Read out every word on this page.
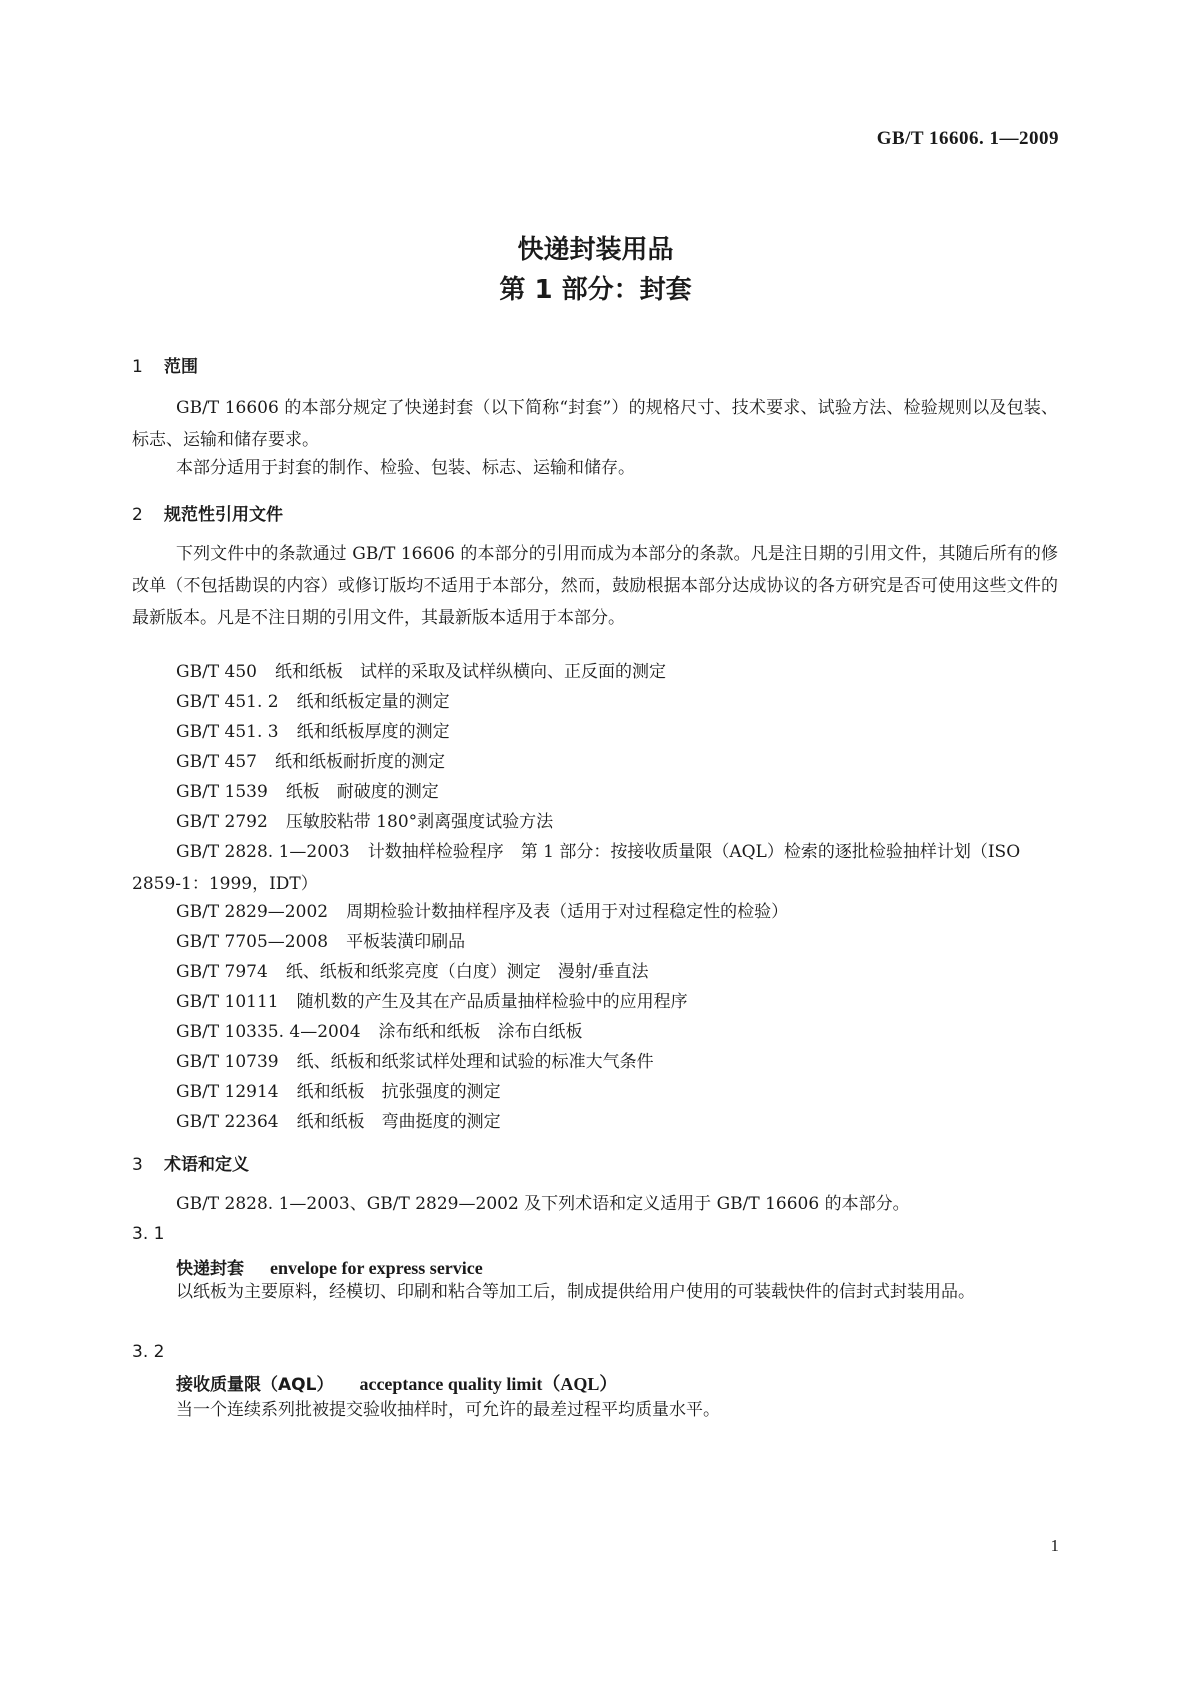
GB/T 16606. 1—2009
快递封装用品
第 1 部分：封套
1 范围
GB/T 16606 的本部分规定了快递封套（以下简称“封套”）的规格尺寸、技术要求、试验方法、检验规则以及包装、标志、运输和储存要求。
本部分适用于封套的制作、检验、包装、标志、运输和储存。
2 规范性引用文件
下列文件中的条款通过 GB/T 16606 的本部分的引用而成为本部分的条款。凡是注日期的引用文件，其随后所有的修改单（不包括勘误的内容）或修订版均不适用于本部分，然而，鼓励根据本部分达成协议的各方研究是否可使用这些文件的最新版本。凡是不注日期的引用文件，其最新版本适用于本部分。
GB/T 450 纸和纸板　试样的采取及试样纵横向、正反面的测定
GB/T 451. 2 纸和纸板定量的测定
GB/T 451. 3 纸和纸板厚度的测定
GB/T 457 纸和纸板耐折度的测定
GB/T 1539 纸板　耐破度的测定
GB/T 2792 压敏胶粘带 180°剥离强度试验方法
GB/T 2828. 1—2003 计数抽样检验程序　第 1 部分：按接收质量限（AQL）检索的逐批检验抽样计划（ISO 2859-1：1999，IDT）
GB/T 2829—2002 周期检验计数抽样程序及表（适用于对过程稳定性的检验）
GB/T 7705—2008 平板装潢印刷品
GB/T 7974 纸、纸板和纸浆亮度（白度）测定　漫射/垂直法
GB/T 10111 随机数的产生及其在产品质量抽样检验中的应用程序
GB/T 10335. 4—2004 涂布纸和纸板　涂布白纸板
GB/T 10739 纸、纸板和纸浆试样处理和试验的标准大气条件
GB/T 12914 纸和纸板　抗张强度的测定
GB/T 22364 纸和纸板　弯曲挺度的测定
3 术语和定义
GB/T 2828. 1—2003、GB/T 2829—2002 及下列术语和定义适用于 GB/T 16606 的本部分。
3. 1
快递封套 envelope for express service
以纸板为主要原料，经模切、印刷和粘合等加工后，制成提供给用户使用的可装载快件的信封式封装用品。
3. 2
接收质量限（AQL） acceptance quality limit（AQL）
当一个连续系列批被提交验收抽样时，可允许的最差过程平均质量水平。
1
